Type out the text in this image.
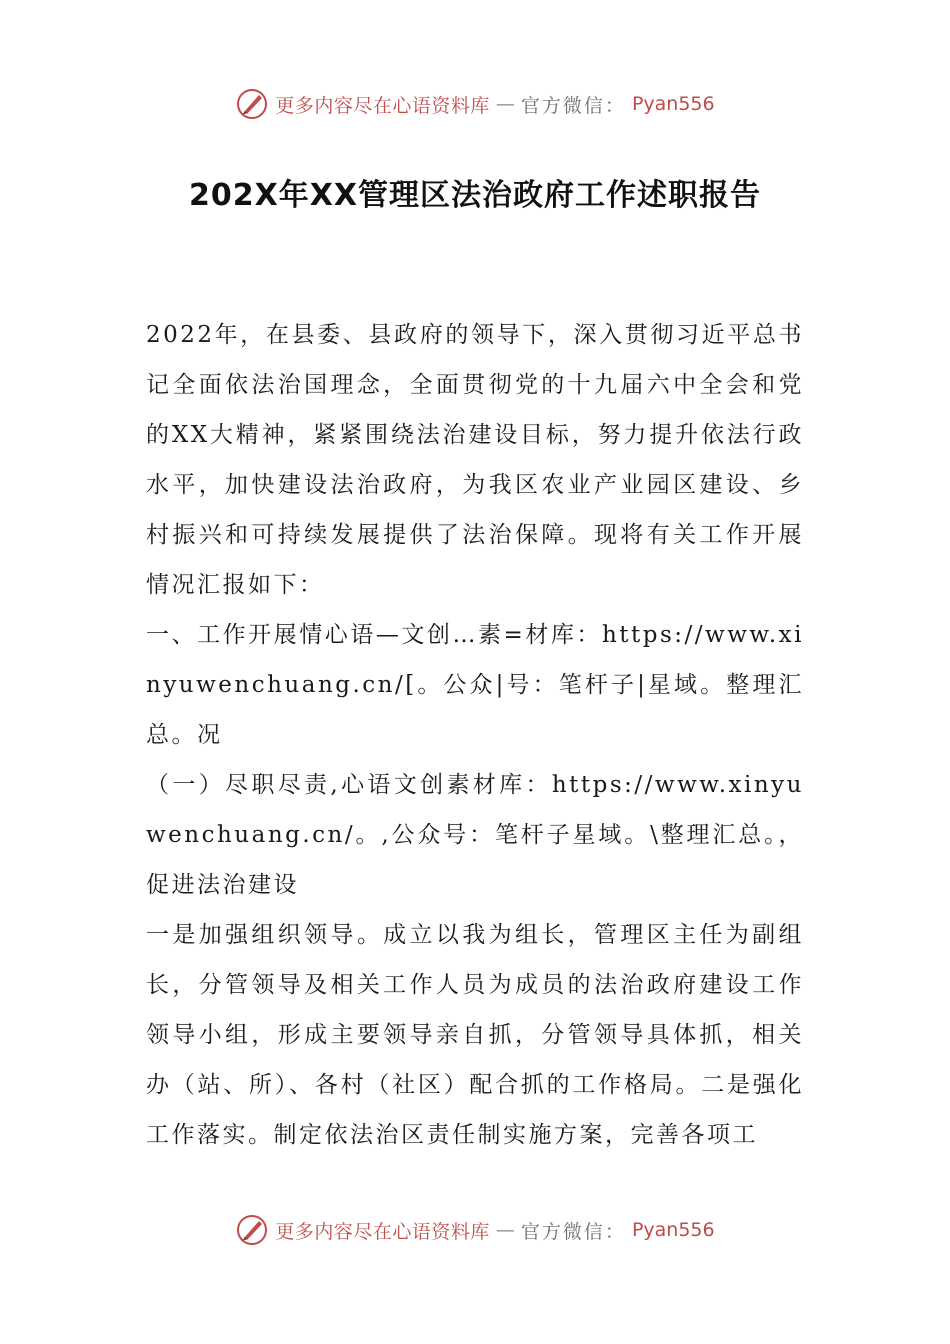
更多内容尽在心语资料库 — 官方微信： Pyan556
202X年XX管理区法治政府工作述职报告

2022年，在县委、县政府的领导下，深入贯彻习近平总书记全面依法治国理念，全面贯彻党的十九届六中全会和党的XX大精神，紧紧围绕法治建设目标，努力提升依法行政水平，加快建设法治政府，为我区农业产业园区建设、乡村振兴和可持续发展提供了法治保障。现将有关工作开展情况汇报如下：

一、工作开展情心语—文创…素=材库：https://www.xinyuwenchuang.cn/[。公众|号：笔杆子|星域。整理汇总。况

（一）尽职尽责,心语文创素材库：https://www.xinyuwenchuang.cn/。,公众号：笔杆子星域。\整理汇总。，促进法治建设

一是加强组织领导。成立以我为组长，管理区主任为副组长，分管领导及相关工作人员为成员的法治政府建设工作领导小组，形成主要领导亲自抓，分管领导具体抓，相关办（站、所）、各村（社区）配合抓的工作格局。二是强化工作落实。制定依法治区责任制实施方案，完善各项工

更多内容尽在心语资料库 — 官方微信： Pyan556
